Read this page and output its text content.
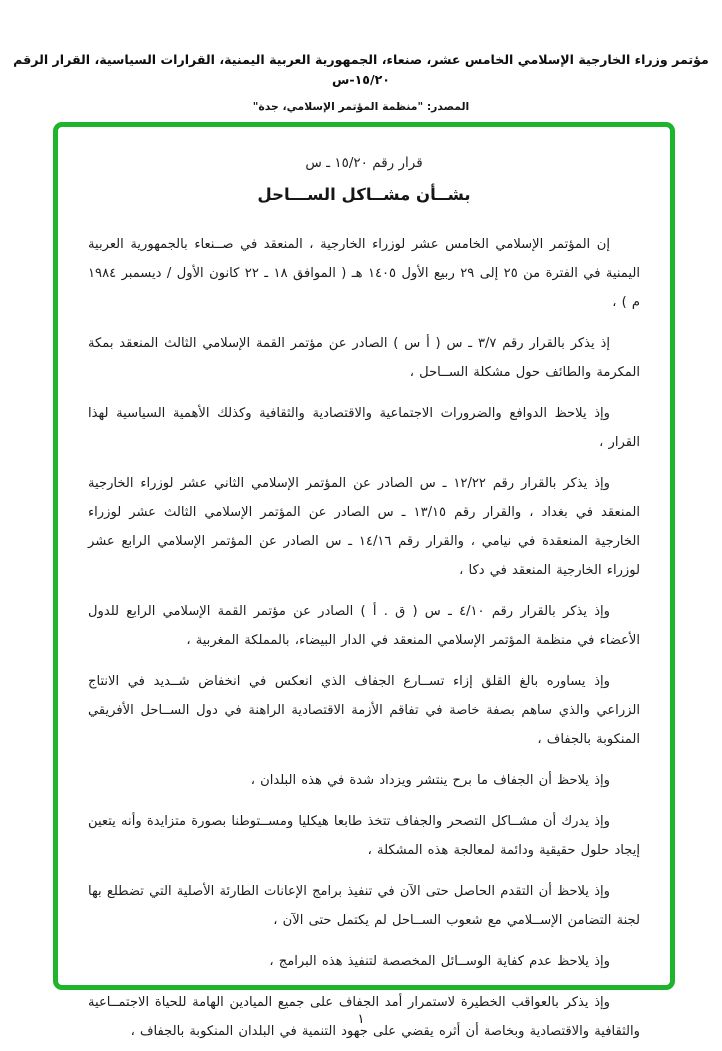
مؤتمر وزراء الخارجية الإسلامي الخامس عشر، صنعاء، الجمهورية العربية اليمنية، القرارات السياسية، القرار الرقم ١٥/٢٠-س
المصدر: "منظمة المؤتمر الإسلامي، جدة"
قرار رقم ١٥/٢٠ ـ س
بشــأن مشــاكل الســـاحل

إن المؤتمر الإسلامي الخامس عشر لوزراء الخارجية ، المنعقد في صــنعاء بالجمهورية العربية اليمنية في الفترة من ٢٥ إلى ٢٩ ربيع الأول ١٤٠٥ هـ ( الموافق ١٨ ـ ٢٢ كانون الأول / ديسمبر ١٩٨٤ م ) ،

إذ يذكر بالقرار رقم ٣/٧ ـ س ( أ س ) الصادر عن مؤتمر القمة الإسلامي الثالث المنعقد بمكة المكرمة والطائف حول مشكلة الســاحل ،

وإذ يلاحظ الدوافع والضرورات الاجتماعية والاقتصادية والثقافية وكذلك الأهمية السياسية لهذا القرار ،

وإذ يذكر بالقرار رقم ١٢/٢٢ ـ س الصادر عن المؤتمر الإسلامي الثاني عشر لوزراء الخارجية المنعقد في بغداد ، والقرار رقم ١٣/١٥ ـ س الصادر عن المؤتمر الإسلامي الثالث عشر لوزراء الخارجية المنعقدة في نيامي ، والقرار رقم ١٤/١٦ ـ س الصادر عن المؤتمر الإسلامي الرابع عشر لوزراء الخارجية المنعقد في دكا ،

وإذ يذكر بالقرار رقم ٤/١٠ ـ س ( ق . أ ) الصادر عن مؤتمر القمة الإسلامي الرابع للدول الأعضاء في منظمة المؤتمر الإسلامي المنعقد في الدار البيضاء، بالمملكة المغربية ،

وإذ يساوره بالغ القلق إزاء تســارع الجفاف الذي انعكس في انخفاض شــديد في الانتاج الزراعي والذي ساهم بصفة خاصة في تفاقم الأزمة الاقتصادية الراهنة في دول الســاحل الأفريقي المنكوبة بالجفاف ،

وإذ يلاحظ أن الجفاف ما برح ينتشر ويزداد شدة في هذه البلدان ،

وإذ يدرك أن مشــاكل التصحر والجفاف تتخذ طابعا هيكليا ومســتوطنا بصورة متزايدة وأنه يتعين إيجاد حلول حقيقية ودائمة لمعالجة هذه المشكلة ،

وإذ يلاحظ أن التقدم الحاصل حتى الآن في تنفيذ برامج الإعانات الطارئة الأصلية التي تضطلع بها لجنة التضامن الإســلامي مع شعوب الســاحل لم يكتمل حتى الآن ،

وإذ يلاحظ عدم كفاية الوســائل المخصصة لتنفيذ هذه البرامج ،

وإذ يذكر بالعواقب الخطيرة لاستمرار أمد الجفاف على جميع الميادين الهامة للحياة الاجتمــاعية والثقافية والاقتصادية وبخاصة أن أثره يقضي على جهود التنمية في البلدان المنكوبة بالجفاف ،

١
